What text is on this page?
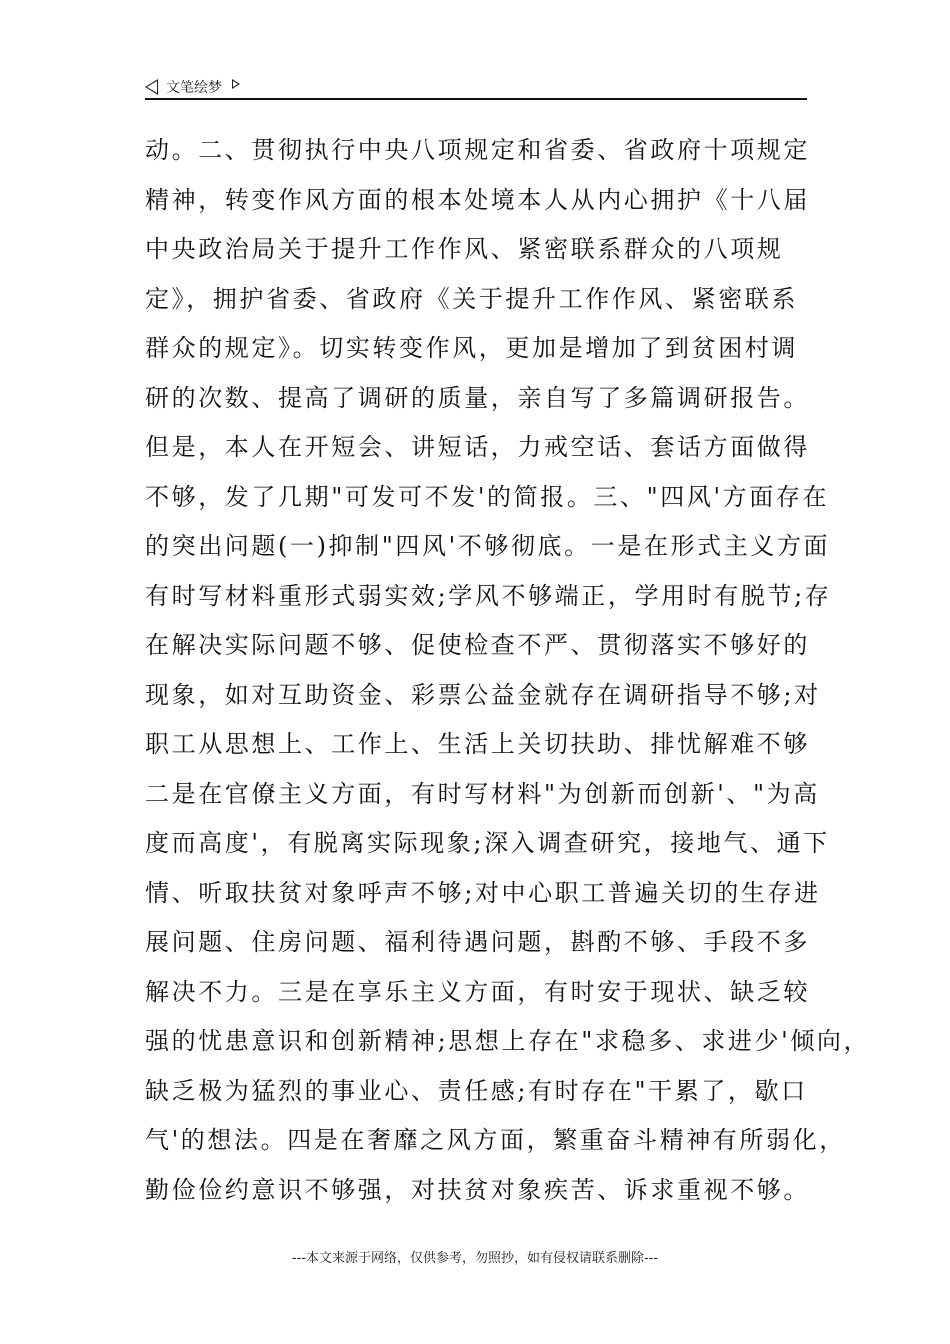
文笔绘梦
动。二、贯彻执行中央八项规定和省委、省政府十项规定
精神，转变作风方面的根本处境本人从内心拥护《十八届
中央政治局关于提升工作作风、紧密联系群众的八项规
定》，拥护省委、省政府《关于提升工作作风、紧密联系
群众的规定》。切实转变作风，更加是增加了到贫困村调
研的次数、提高了调研的质量，亲自写了多篇调研报告。
但是，本人在开短会、讲短话，力戒空话、套话方面做得
不够，发了几期"可发可不发'的简报。三、"四风'方面存在
的突出问题(一)抑制"四风'不够彻底。一是在形式主义方面
有时写材料重形式弱实效;学风不够端正，学用时有脱节;存
在解决实际问题不够、促使检查不严、贯彻落实不够好的
现象，如对互助资金、彩票公益金就存在调研指导不够;对
职工从思想上、工作上、生活上关切扶助、排忧解难不够
二是在官僚主义方面，有时写材料"为创新而创新'、"为高
度而高度'，有脱离实际现象;深入调查研究，接地气、通下
情、听取扶贫对象呼声不够;对中心职工普遍关切的生存进
展问题、住房问题、福利待遇问题，斟酌不够、手段不多
解决不力。三是在享乐主义方面，有时安于现状、缺乏较
强的忧患意识和创新精神;思想上存在"求稳多、求进少'倾向，
缺乏极为猛烈的事业心、责任感;有时存在"干累了，歇口
气'的想法。四是在奢靡之风方面，繁重奋斗精神有所弱化，
勤俭俭约意识不够强，对扶贫对象疾苦、诉求重视不够。
---本文来源于网络，仅供参考，勿照抄，如有侵权请联系删除---
